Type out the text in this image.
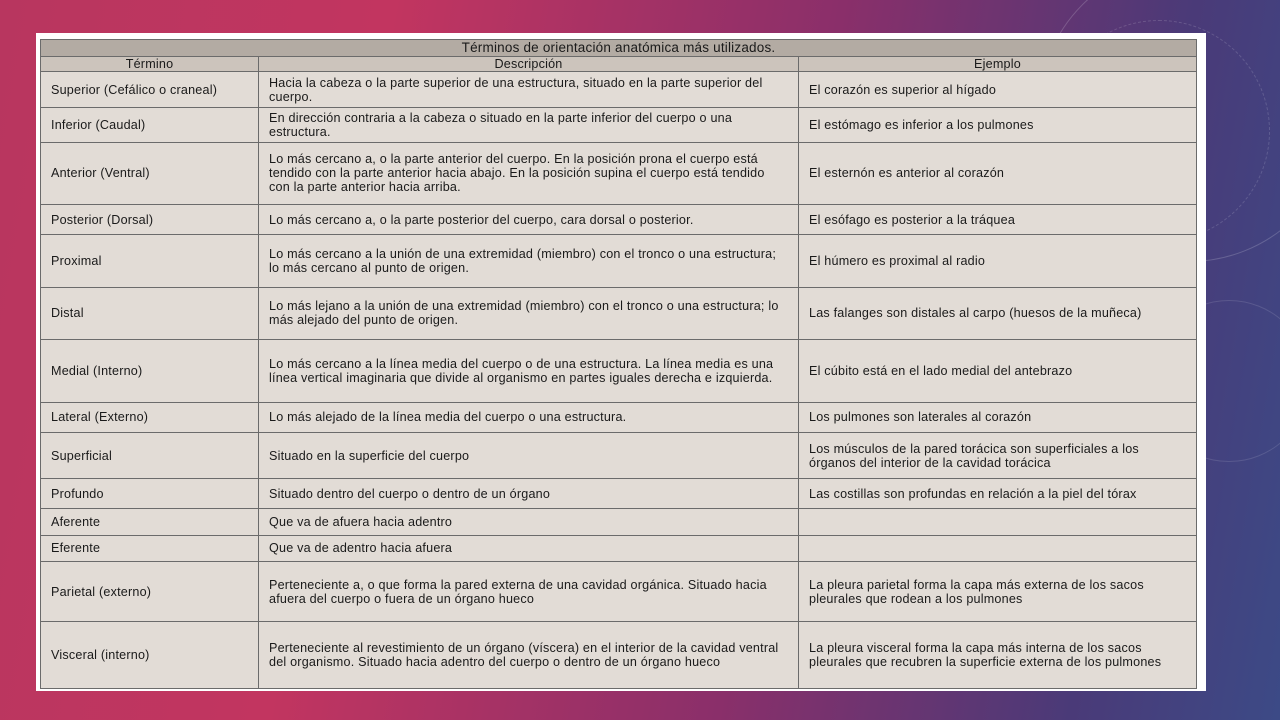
Términos de orientación anatómica más utilizados.		
Término	Descripción	Ejemplo
Superior (Cefálico o craneal)	Hacia la cabeza o la parte superior de una estructura, situado en la parte superior del cuerpo.	El corazón es superior al hígado
Inferior (Caudal)	En dirección contraria a la cabeza o situado en la parte inferior del cuerpo o una estructura.	El estómago es inferior a los pulmones
Anterior (Ventral)	Lo más cercano a, o la parte anterior del cuerpo. En la posición prona el cuerpo está tendido con la parte anterior hacia abajo. En la posición supina el cuerpo está tendido con la parte anterior hacia arriba.	El esternón es anterior al corazón
Posterior (Dorsal)	Lo más cercano a, o la parte posterior del cuerpo, cara dorsal o posterior.	El esófago es posterior a la tráquea
Proximal	Lo más cercano a la unión de una extremidad (miembro) con el tronco o una estructura; lo más cercano al punto de origen.	El húmero es proximal al radio
Distal	Lo más lejano a la unión de una extremidad (miembro) con el tronco o una estructura; lo más alejado del punto de origen.	Las falanges son distales al carpo (huesos de la muñeca)
Medial (Interno)	Lo más cercano a la línea media del cuerpo o de una estructura. La línea media es una línea vertical imaginaria que divide al organismo en partes iguales derecha e izquierda.	El cúbito está en el lado medial del antebrazo
Lateral (Externo)	Lo más alejado de la línea media del cuerpo o una estructura.	Los pulmones son laterales al corazón
Superficial	Situado en la superficie del cuerpo	Los músculos de la pared torácica son superficiales a los órganos del interior de la cavidad torácica
Profundo	Situado dentro del cuerpo o dentro de un órgano	Las costillas son profundas en relación a la piel del tórax
Aferente	Que va de afuera hacia adentro	
Eferente	Que va de adentro hacia afuera	
Parietal (externo)	Perteneciente a, o que forma la pared externa de una cavidad orgánica. Situado hacia afuera del cuerpo o fuera de un órgano hueco	La pleura parietal forma la capa más externa de los sacos pleurales que rodean a los pulmones
Visceral (interno)	Perteneciente al revestimiento de un órgano (víscera) en el interior de la cavidad ventral del organismo. Situado hacia adentro del cuerpo o dentro de un órgano hueco	La pleura visceral forma la capa más interna de los sacos pleurales que recubren la superficie externa de los pulmones
